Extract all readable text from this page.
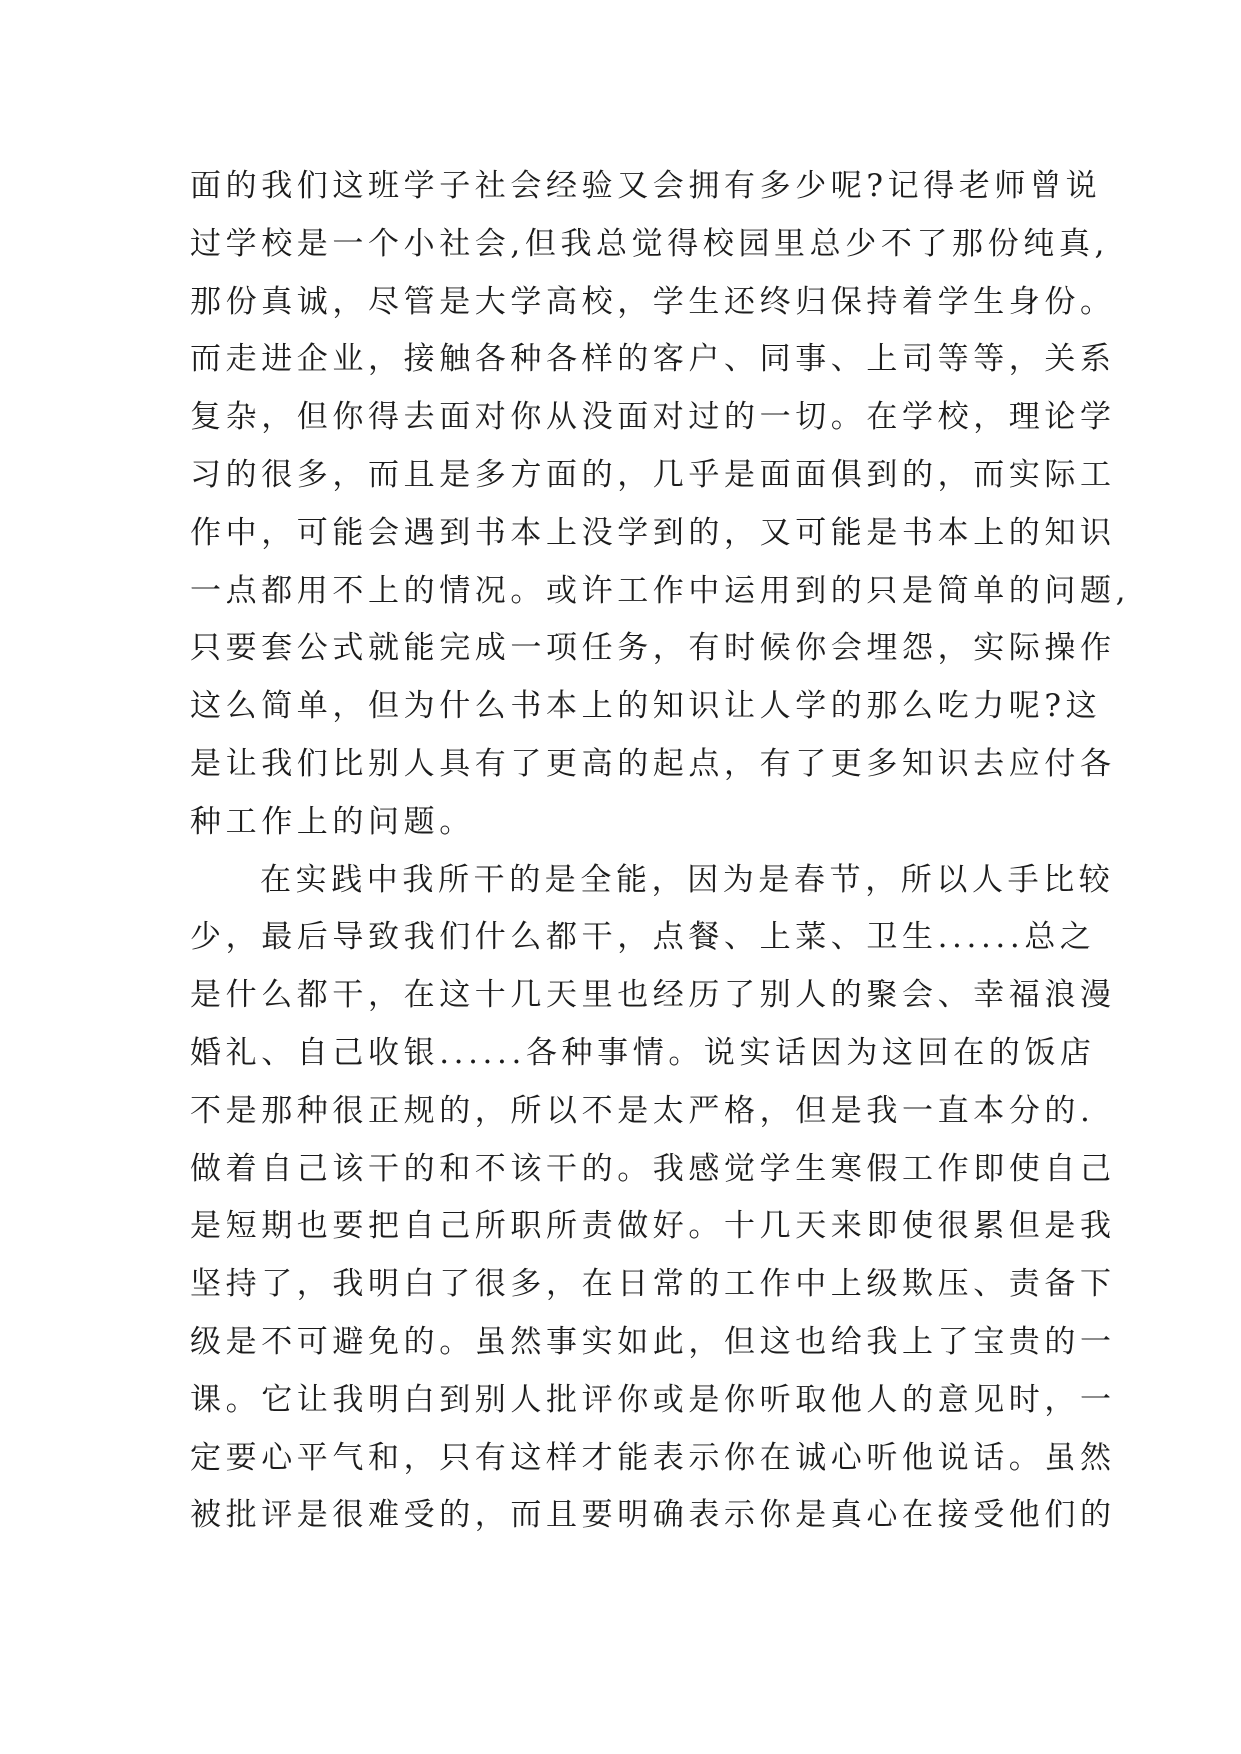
面的我们这班学子社会经验又会拥有多少呢?记得老师曾说
过学校是一个小社会,但我总觉得校园里总少不了那份纯真,
那份真诚，尽管是大学高校，学生还终归保持着学生身份。
而走进企业，接触各种各样的客户、同事、上司等等，关系
复杂，但你得去面对你从没面对过的一切。在学校，理论学
习的很多，而且是多方面的，几乎是面面俱到的，而实际工
作中，可能会遇到书本上没学到的，又可能是书本上的知识
一点都用不上的情况。或许工作中运用到的只是简单的问题,
只要套公式就能完成一项任务，有时候你会埋怨，实际操作
这么简单，但为什么书本上的知识让人学的那么吃力呢?这
是让我们比别人具有了更高的起点，有了更多知识去应付各
种工作上的问题。
在实践中我所干的是全能，因为是春节，所以人手比较
少，最后导致我们什么都干，点餐、上菜、卫生......总之
是什么都干，在这十几天里也经历了别人的聚会、幸福浪漫
婚礼、自己收银......各种事情。说实话因为这回在的饭店
不是那种很正规的，所以不是太严格，但是我一直本分的.
做着自己该干的和不该干的。我感觉学生寒假工作即使自己
是短期也要把自己所职所责做好。十几天来即使很累但是我
坚持了，我明白了很多，在日常的工作中上级欺压、责备下
级是不可避免的。虽然事实如此，但这也给我上了宝贵的一
课。它让我明白到别人批评你或是你听取他人的意见时，一
定要心平气和，只有这样才能表示你在诚心听他说话。虽然
被批评是很难受的，而且要明确表示你是真心在接受他们的
